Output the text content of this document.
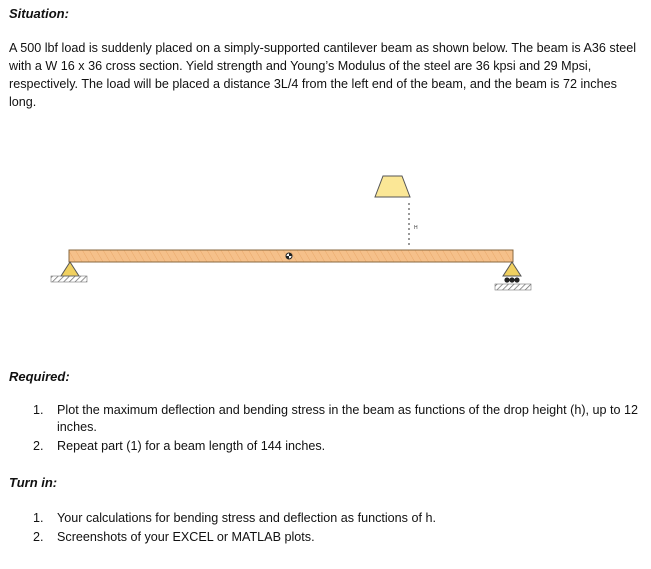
Situation:

A 500 lbf load is suddenly placed on a simply-supported cantilever beam as shown below. The beam is A36 steel with a W 16 x 36 cross section. Yield strength and Young’s Modulus of the steel are 36 kpsi and 29 Mpsi, respectively. The load will be placed a distance 3L/4 from the left end of the beam, and the beam is 72 inches long.

H

Required:

1. Plot the maximum deflection and bending stress in the beam as functions of the drop height (h), up to 12 inches.
2. Repeat part (1) for a beam length of 144 inches.

Turn in:

1. Your calculations for bending stress and deflection as functions of h.
2. Screenshots of your EXCEL or MATLAB plots.
